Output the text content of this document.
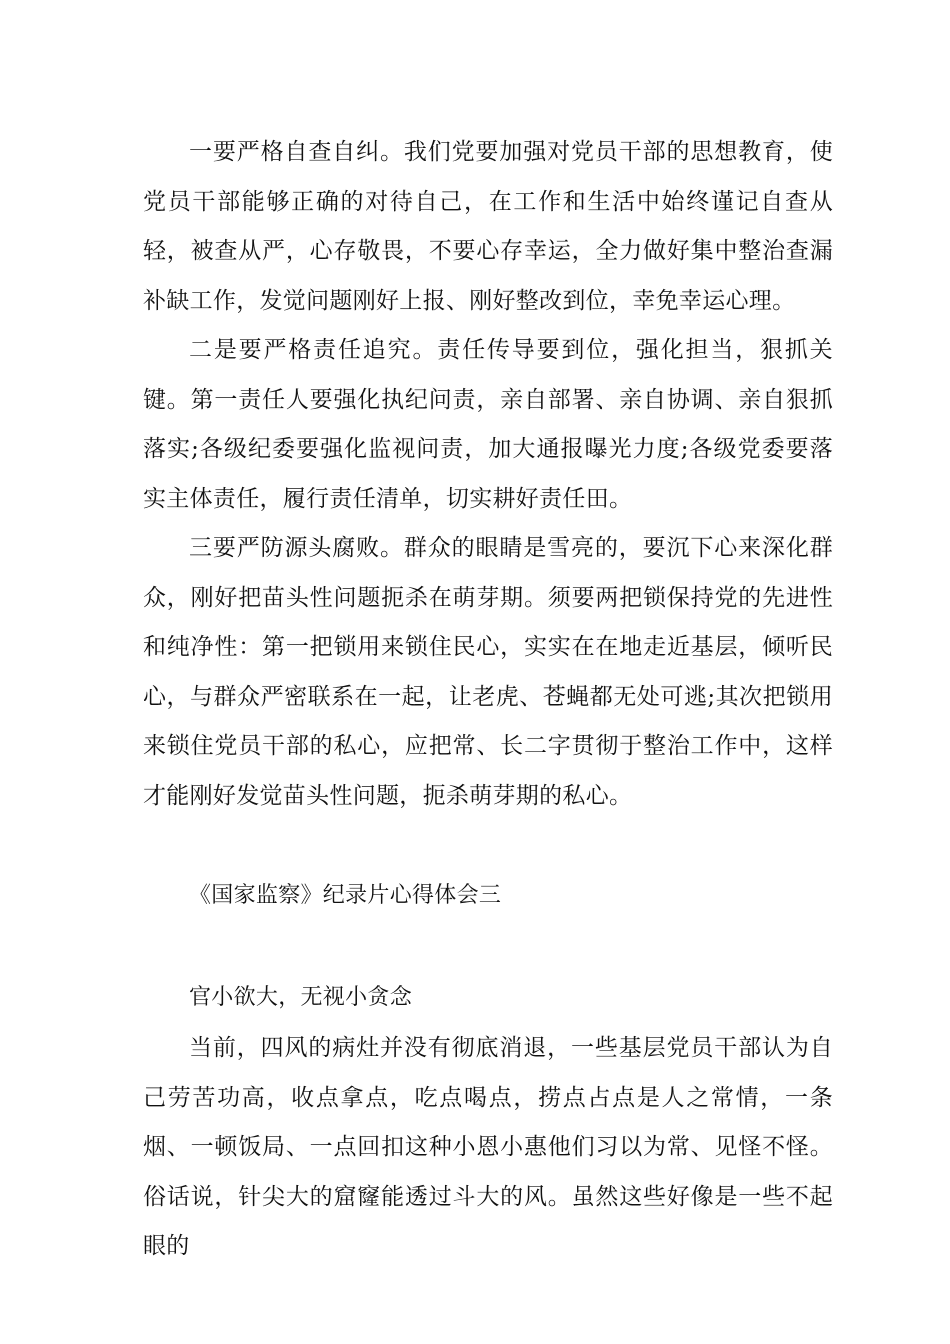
一要严格自查自纠。我们党要加强对党员干部的思想教育，使党员干部能够正确的对待自己，在工作和生活中始终谨记自查从轻，被查从严，心存敬畏，不要心存幸运，全力做好集中整治查漏补缺工作，发觉问题刚好上报、刚好整改到位，幸免幸运心理。

二是要严格责任追究。责任传导要到位，强化担当，狠抓关键。第一责任人要强化执纪问责，亲自部署、亲自协调、亲自狠抓落实;各级纪委要强化监视问责，加大通报曝光力度;各级党委要落实主体责任，履行责任清单，切实耕好责任田。

三要严防源头腐败。群众的眼睛是雪亮的，要沉下心来深化群众，刚好把苗头性问题扼杀在萌芽期。须要两把锁保持党的先进性和纯净性：第一把锁用来锁住民心，实实在在地走近基层，倾听民心，与群众严密联系在一起，让老虎、苍蝇都无处可逃;其次把锁用来锁住党员干部的私心，应把常、长二字贯彻于整治工作中，这样才能刚好发觉苗头性问题，扼杀萌芽期的私心。

《国家监察》纪录片心得体会三

官小欲大，无视小贪念

当前，四风的病灶并没有彻底消退，一些基层党员干部认为自己劳苦功高，收点拿点，吃点喝点，捞点占点是人之常情，一条烟、一顿饭局、一点回扣这种小恩小惠他们习以为常、见怪不怪。俗话说，针尖大的窟窿能透过斗大的风。虽然这些好像是一些不起眼的
